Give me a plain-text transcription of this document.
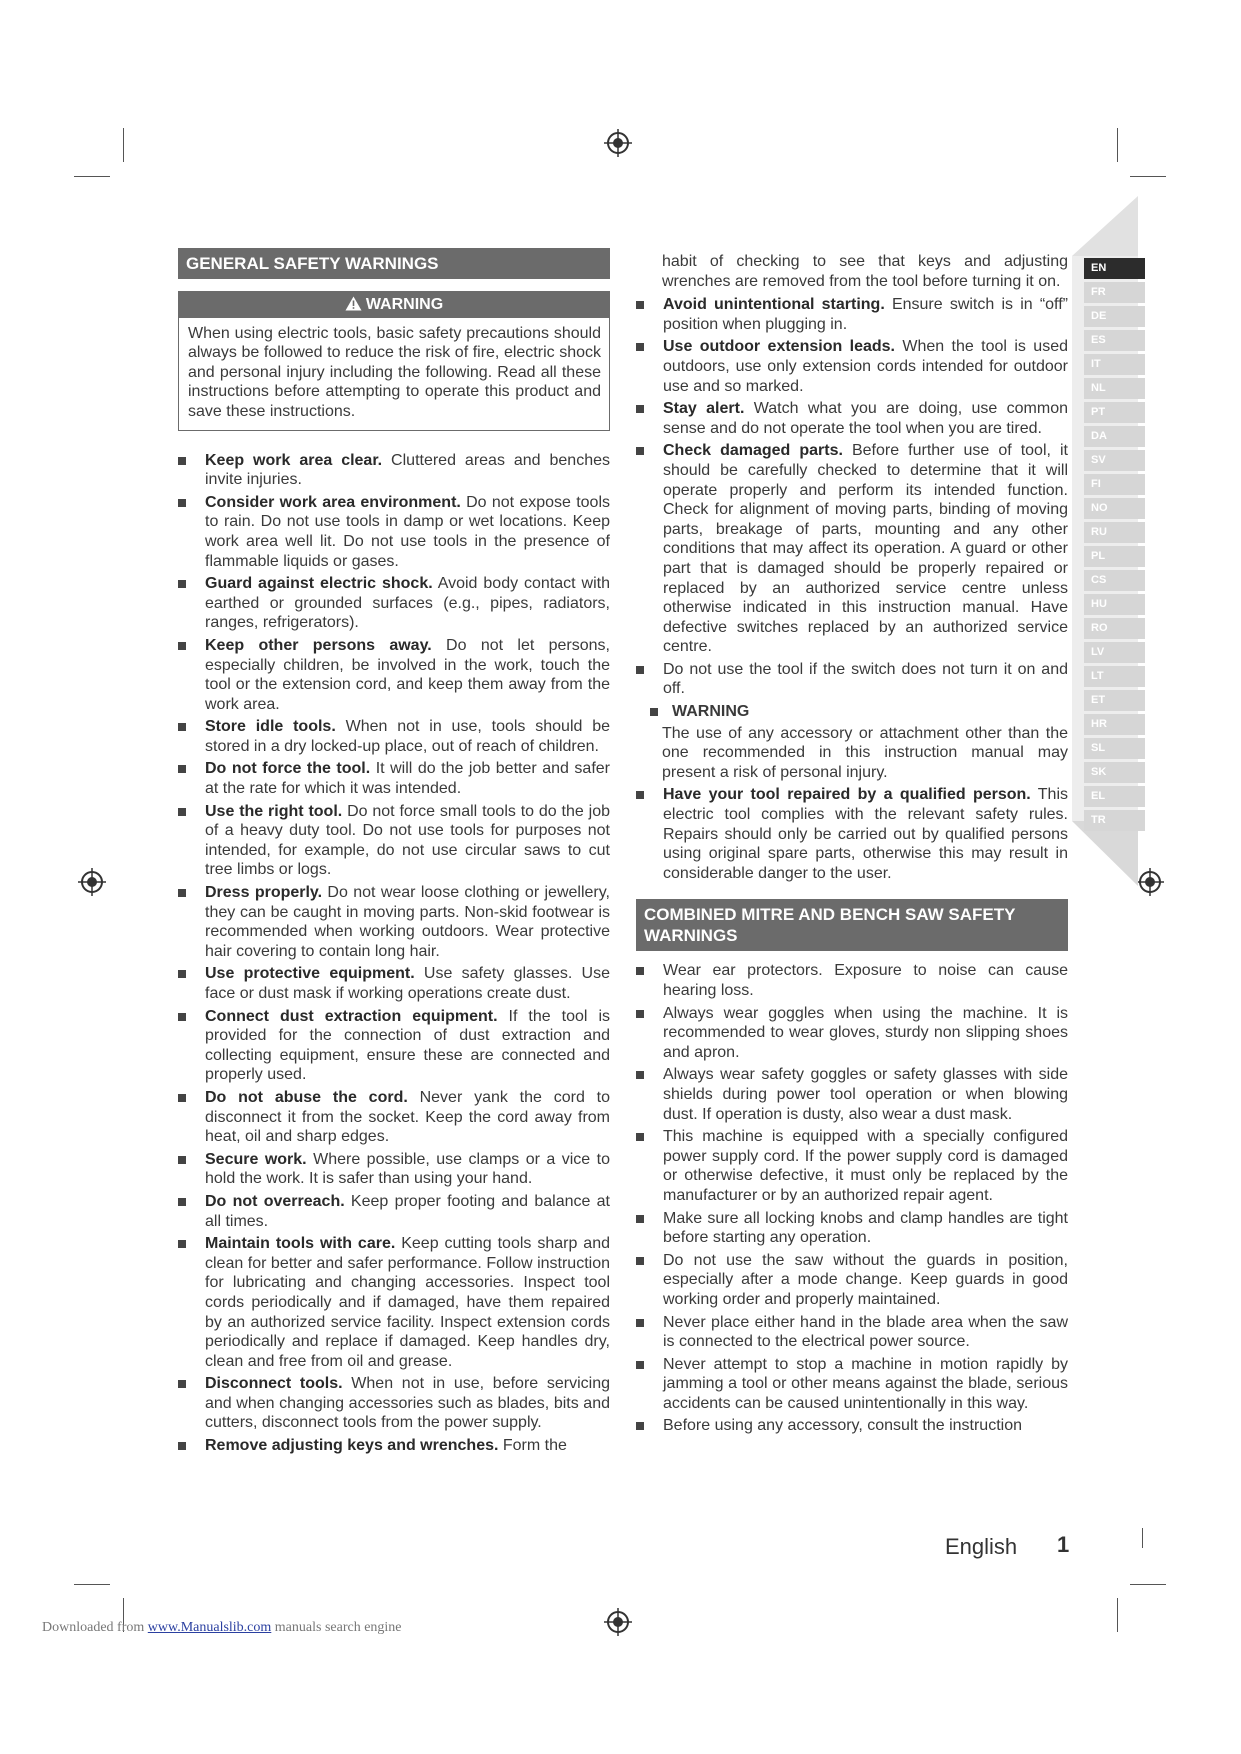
GENERAL SAFETY WARNINGS
WARNING
When using electric tools, basic safety precautions should always be followed to reduce the risk of fire, electric shock and personal injury including the following. Read all these instructions before attempting to operate this product and save these instructions.
Keep work area clear. Cluttered areas and benches invite injuries.
Consider work area environment. Do not expose tools to rain. Do not use tools in damp or wet locations. Keep work area well lit. Do not use tools in the presence of flammable liquids or gases.
Guard against electric shock. Avoid body contact with earthed or grounded surfaces (e.g., pipes, radiators, ranges, refrigerators).
Keep other persons away. Do not let persons, especially children, be involved in the work, touch the tool or the extension cord, and keep them away from the work area.
Store idle tools. When not in use, tools should be stored in a dry locked-up place, out of reach of children.
Do not force the tool. It will do the job better and safer at the rate for which it was intended.
Use the right tool. Do not force small tools to do the job of a heavy duty tool. Do not use tools for purposes not intended, for example, do not use circular saws to cut tree limbs or logs.
Dress properly. Do not wear loose clothing or jewellery, they can be caught in moving parts. Non-skid footwear is recommended when working outdoors. Wear protective hair covering to contain long hair.
Use protective equipment. Use safety glasses. Use face or dust mask if working operations create dust.
Connect dust extraction equipment. If the tool is provided for the connection of dust extraction and collecting equipment, ensure these are connected and properly used.
Do not abuse the cord. Never yank the cord to disconnect it from the socket. Keep the cord away from heat, oil and sharp edges.
Secure work. Where possible, use clamps or a vice to hold the work. It is safer than using your hand.
Do not overreach. Keep proper footing and balance at all times.
Maintain tools with care. Keep cutting tools sharp and clean for better and safer performance. Follow instruction for lubricating and changing accessories. Inspect tool cords periodically and if damaged, have them repaired by an authorized service facility. Inspect extension cords periodically and replace if damaged. Keep handles dry, clean and free from oil and grease.
Disconnect tools. When not in use, before servicing and when changing accessories such as blades, bits and cutters, disconnect tools from the power supply.
Remove adjusting keys and wrenches. Form the
habit of checking to see that keys and adjusting wrenches are removed from the tool before turning it on.
Avoid unintentional starting. Ensure switch is in “off” position when plugging in.
Use outdoor extension leads. When the tool is used outdoors, use only extension cords intended for outdoor use and so marked.
Stay alert. Watch what you are doing, use common sense and do not operate the tool when you are tired.
Check damaged parts. Before further use of tool, it should be carefully checked to determine that it will operate properly and perform its intended function. Check for alignment of moving parts, binding of moving parts, breakage of parts, mounting and any other conditions that may affect its operation. A guard or other part that is damaged should be properly repaired or replaced by an authorized service centre unless otherwise indicated in this instruction manual. Have defective switches replaced by an authorized service centre.
Do not use the tool if the switch does not turn it on and off.
WARNING
The use of any accessory or attachment other than the one recommended in this instruction manual may present a risk of personal injury.
Have your tool repaired by a qualified person. This electric tool complies with the relevant safety rules. Repairs should only be carried out by qualified persons using original spare parts, otherwise this may result in considerable danger to the user.
COMBINED MITRE AND BENCH SAW SAFETY WARNINGS
Wear ear protectors. Exposure to noise can cause hearing loss.
Always wear goggles when using the machine. It is recommended to wear gloves, sturdy non slipping shoes and apron.
Always wear safety goggles or safety glasses with side shields during power tool operation or when blowing dust. If operation is dusty, also wear a dust mask.
This machine is equipped with a specially configured power supply cord. If the power supply cord is damaged or otherwise defective, it must only be replaced by the manufacturer or by an authorized repair agent.
Make sure all locking knobs and clamp handles are tight before starting any operation.
Do not use the saw without the guards in position, especially after a mode change. Keep guards in good working order and properly maintained.
Never place either hand in the blade area when the saw is connected to the electrical power source.
Never attempt to stop a machine in motion rapidly by jamming a tool or other means against the blade, serious accidents can be caused unintentionally in this way.
Before using any accessory, consult the instruction
EN
FR
DE
ES
IT
NL
PT
DA
SV
FI
NO
RU
PL
CS
HU
RO
LV
LT
ET
HR
SL
SK
EL
TR
English 1
Downloaded from www.Manualslib.com manuals search engine
